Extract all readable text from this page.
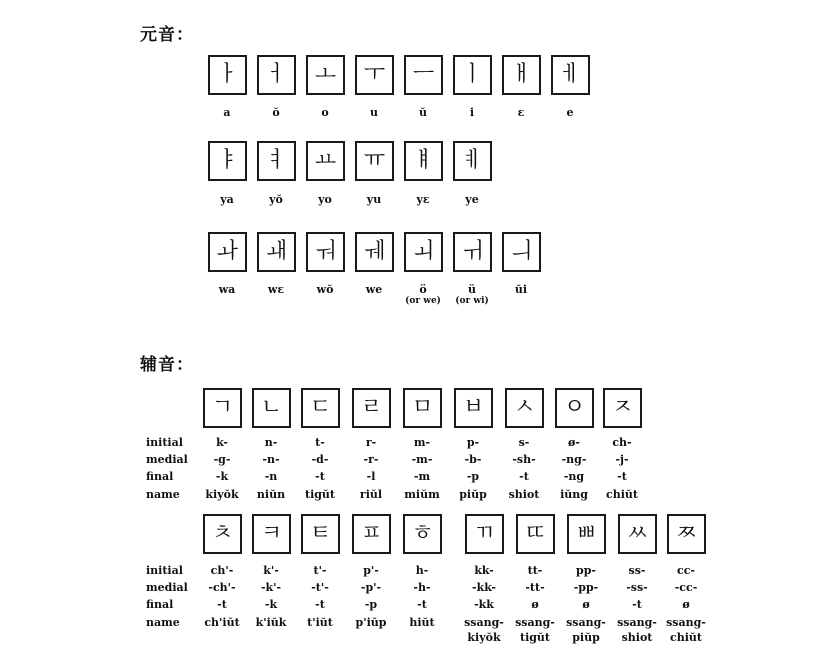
元音：
ㅏ
a
ㅓ
ŏ
ㅗ
o
ㅜ
u
ㅡ
ŭ
ㅣ
i
ㅐ
ε
ㅔ
e
ㅑ
ya
ㅕ
yŏ
ㅛ
yo
ㅠ
yu
ㅒ
yε
ㅖ
ye
ㅘ
wa
ㅙ
wε
ㅝ
wŏ
ㅞ
we
ㅚ
ö
(or we)
ㅟ
ü
(or wi)
ㅢ
ŭi
辅音：
initial
medial
final
name
ㄱ
k-
-g-
-k
kiyŏk
ㄴ
n-
-n-
-n
niŭn
ㄷ
t-
-d-
-t
tigŭt
ㄹ
r-
-r-
-l
riŭl
ㅁ
m-
-m-
-m
miŭm
ㅂ
p-
-b-
-p
piŭp
ㅅ
s-
-sh-
-t
shiot
ㅇ
ø-
-ng-
-ng
iŭng
ㅈ
ch-
-j-
-t
chiŭt
initial
medial
final
name
ㅊ
ch'-
-ch'-
-t
ch'iŭt
ㅋ
k'-
-k'-
-k
k'iŭk
ㅌ
t'-
-t'-
-t
t'iŭt
ㅍ
p'-
-p'-
-p
p'iŭp
ㅎ
h-
-h-
-t
hiŭt
ㄲ
kk-
-kk-
-kk
ssang-
kiyŏk
ㄸ
tt-
-tt-
ø
ssang-
tigŭt
ㅃ
pp-
-pp-
ø
ssang-
piŭp
ㅆ
ss-
-ss-
-t
ssang-
shiot
ㅉ
cc-
-cc-
ø
ssang-
chiŭt
